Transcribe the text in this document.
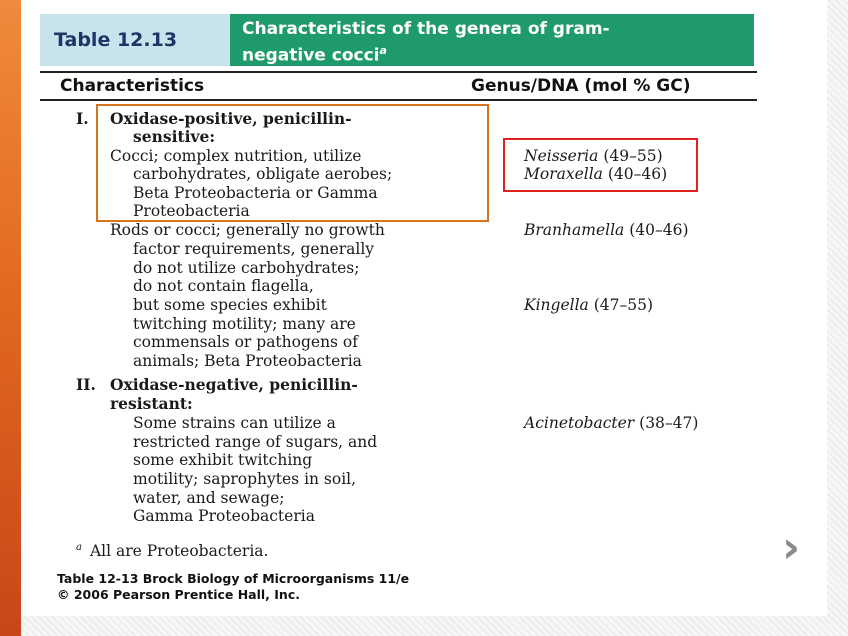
Table 12.13	Characteristics of the genera of gram-
negative cocci$^a$
Characteristics	Genus/DNA (mol % GC)
I. Oxidase-positive, penicillin-
sensitive:
Cocci; complex nutrition, utilize
carbohydrates, obligate aerobes;
Beta Proteobacteria or Gamma
Proteobacteria
Rods or cocci; generally no growth
factor requirements, generally
do not utilize carbohydrates;
do not contain flagella,
but some species exhibit
twitching motility; many are
commensals or pathogens of
animals; Beta Proteobacteria
II. Oxidase-negative, penicillin-
resistant:
Some strains can utilize a
restricted range of sugars, and
some exhibit twitching
motility; saprophytes in soil,
water, and sewage;
Gamma Proteobacteria
Neisseria (49–55)
Moraxella (40–46)
Branhamella (40–46)
Kingella (47–55)
Acinetobacter (38–47)
$^a$ All are Proteobacteria.
Table 12-13 Brock Biology of Microorganisms 11/e
© 2006 Pearson Prentice Hall, Inc.
›
